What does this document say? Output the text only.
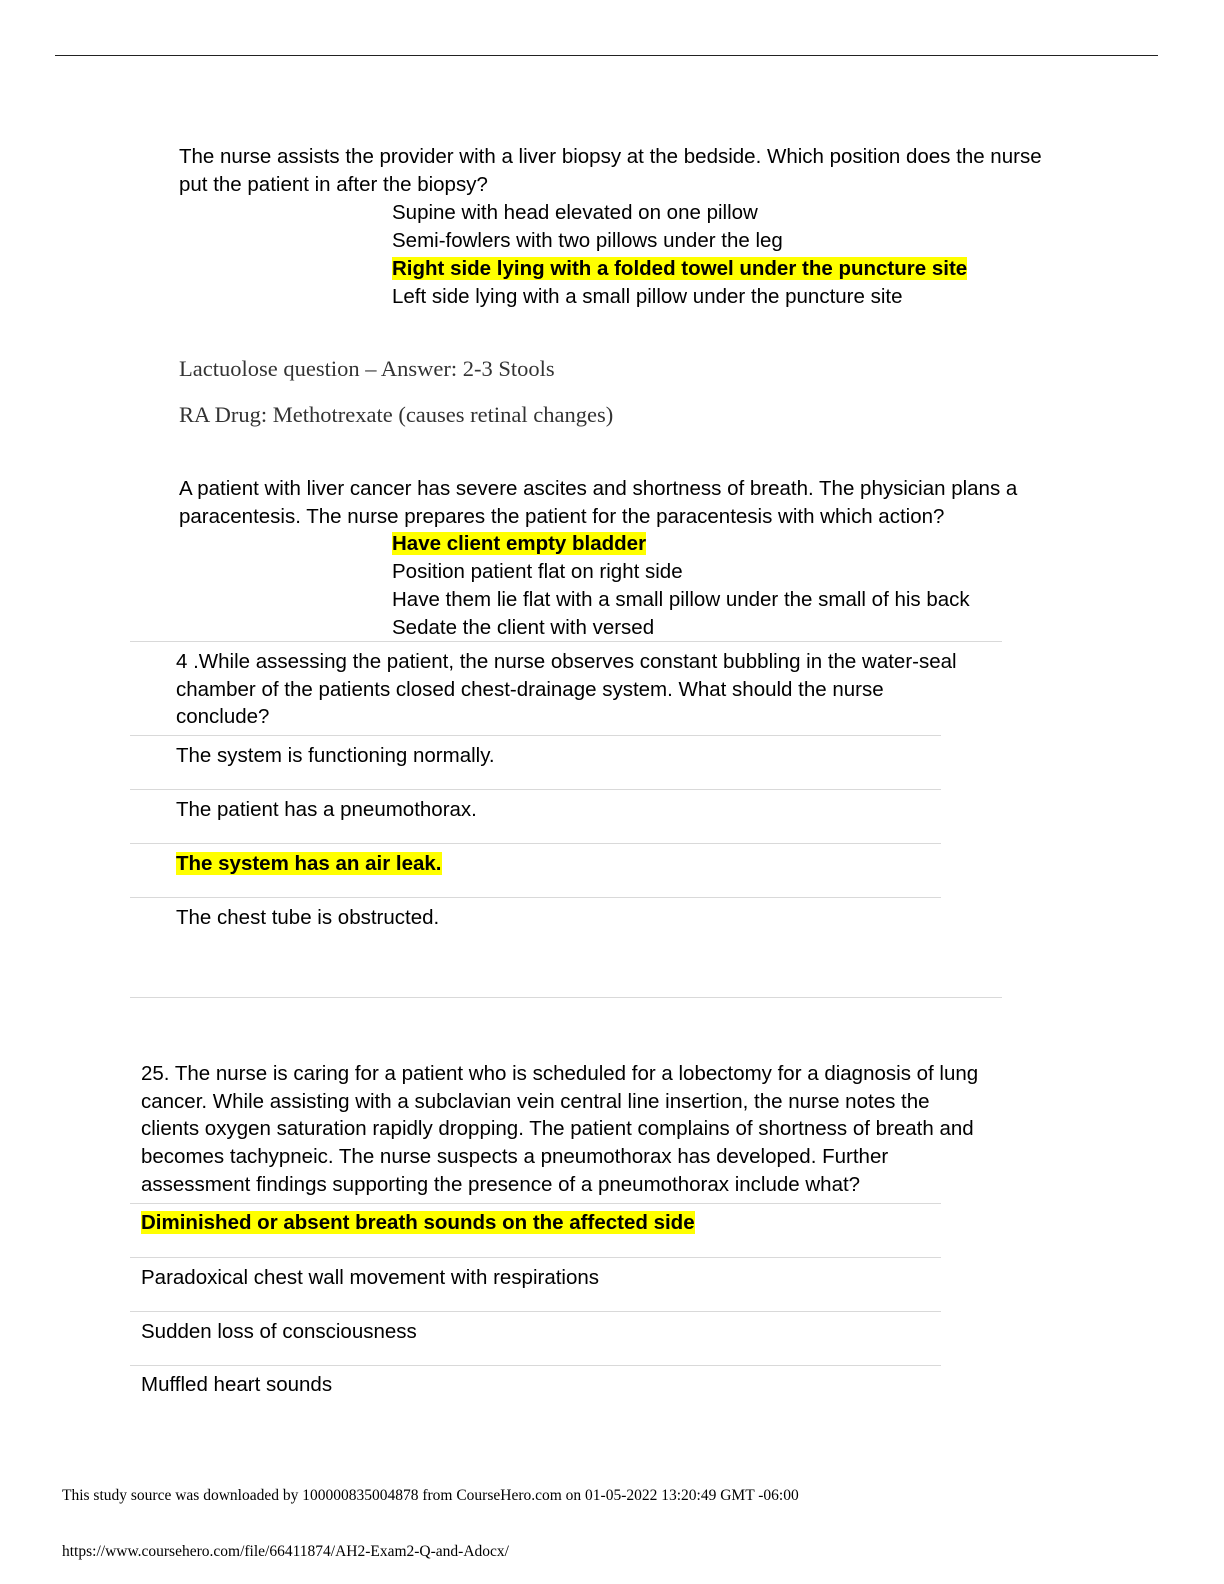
The nurse assists the provider with a liver biopsy at the bedside. Which position does the nurse
put the patient in after the biopsy?
Supine with head elevated on one pillow
Semi-fowlers with two pillows under the leg
Right side lying with a folded towel under the puncture site
Left side lying with a small pillow under the puncture site
Lactuolose question – Answer: 2-3 Stools
RA Drug: Methotrexate (causes retinal changes)
A patient with liver cancer has severe ascites and shortness of breath. The physician plans a
paracentesis. The nurse prepares the patient for the paracentesis with which action?
Have client empty bladder
Position patient flat on right side
Have them lie flat with a small pillow under the small of his back
Sedate the client with versed
4 .While assessing the patient, the nurse observes constant bubbling in the water-seal
chamber of the patients closed chest-drainage system. What should the nurse
conclude?
The system is functioning normally.
The patient has a pneumothorax.
The system has an air leak.
The chest tube is obstructed.
25. The nurse is caring for a patient who is scheduled for a lobectomy for a diagnosis of lung
cancer. While assisting with a subclavian vein central line insertion, the nurse notes the
clients oxygen saturation rapidly dropping. The patient complains of shortness of breath and
becomes tachypneic. The nurse suspects a pneumothorax has developed. Further
assessment findings supporting the presence of a pneumothorax include what?
Diminished or absent breath sounds on the affected side
Paradoxical chest wall movement with respirations
Sudden loss of consciousness
Muffled heart sounds
This study source was downloaded by 100000835004878 from CourseHero.com on 01-05-2022 13:20:49 GMT -06:00
https://www.coursehero.com/file/66411874/AH2-Exam2-Q-and-Adocx/
